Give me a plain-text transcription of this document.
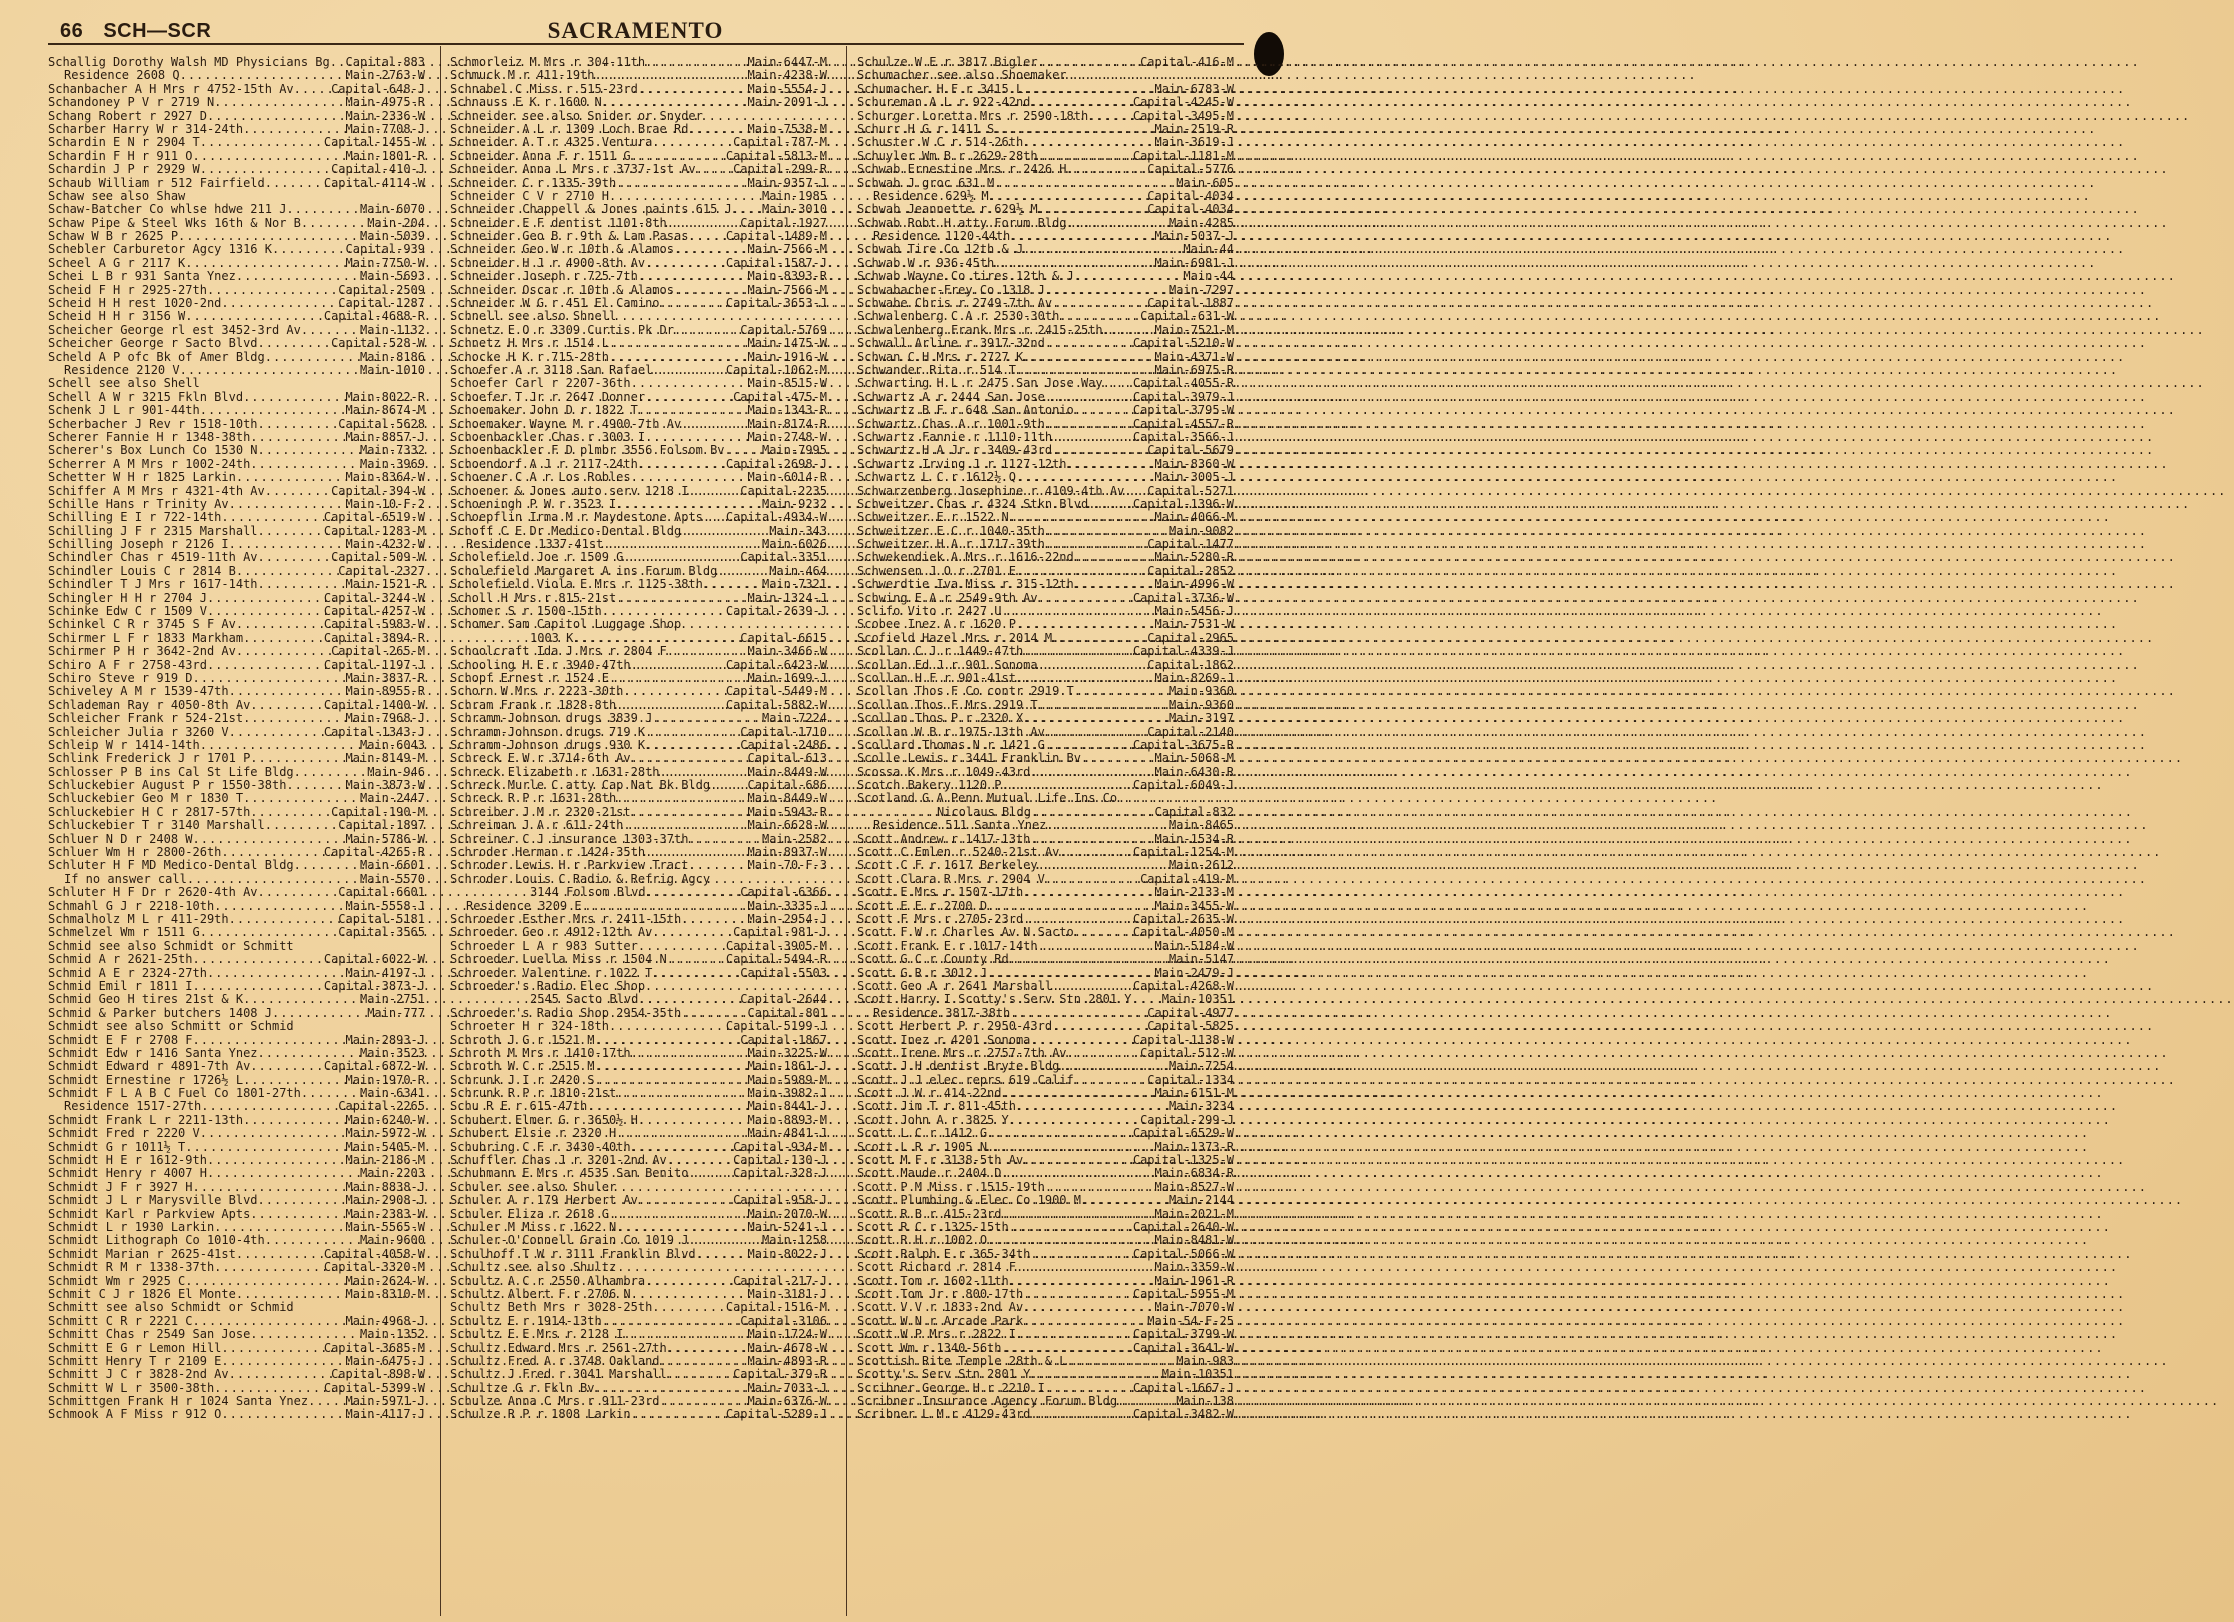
66 SCH—SCR	SACRAMENTO
Schallig Dorothy Walsh MD Physicians Bg ..... Capital-883
Residence 2608 Q .....	Main-2763-W
Schanbacher A H Mrs r 4752-15th Av .....	Capital-648-J
Schandoney P V r 2719 N .....	Main-4975-R
Schang Robert r 2927 D .....	Main-2336-W
Scharber Harry W r 314-24th .....	Main-7708-J
Schardin E N r 2904 T .....	Capital-1455-W
Schardin F H r 911 O .....	Main-1801-R
Schardin J P r 2929 W .....	Capital-410-J
Schaub William r 512 Fairfield .....	Capital-4114-W
Schaw see also Shaw
Schaw-Batcher Co whlse hdwe 211 J .....	Main-6070
Schaw Pipe & Steel Wks 16th & Nor B .....	Main-204
Schaw W B r 2625 P .....	Main-5039
Schebler Carburetor Agcy 1316 K .....	Capital-939
Scheel A G r 2117 K .....	Main-7750-W
Schei L B r 931 Santa Ynez .....	Main-5693
Scheid F H r 2925-27th .....	Capital-2509
Scheid H H rest 1020-2nd .....	Capital-1287
Scheid H H r 3156 W .....	Capital-4688-R
Scheicher George rl est 3452-3rd Av .....	Main-1132
Scheicher George r Sacto Blvd .....	Capital-528-W
Scheld A P ofc Bk of Amer Bldg .....	Main-8186
Residence 2120 V .....	Main-1010
Schell see also Shell
Schell A W r 3215 Fkln Blvd .....	Main-8022-R
Schenk J L r 901-44th .....	Main-8674-M
Scherbacher J Rev r 1518-10th .....	Capital-5628
Scherer Fannie H r 1348-38th .....	Main-8857-J
Scherer's Box Lunch Co 1530 N .....	Main-7332
Scherrer A M Mrs r 1002-24th .....	Main-3969
Schetter W H r 1825 Larkin .....	Main-8364-W
Schiffer A M Mrs r 4321-4th Av .....	Capital-394-W
Schille Hans r Trinity Av .....	Main-10-F-2
Schilling E I r 722-14th .....	Capital-6519-W
Schilling J F r 2315 Marshall .....	Capital-1283-M
Schilling Joseph r 2126 I .....	Main-4232-W
Schindler Chas r 4519-11th Av .....	Capital-509-W
Schindler Louis C r 2814 B .....	Capital-2327
Schindler T J Mrs r 1617-14th .....	Main-1521-R
Schingler H H r 2704 J .....	Capital-3244-W
Schinke Edw C r 1509 V .....	Capital-4257-W
Schinkel C R r 3745 S F Av .....	Capital-5983-W
Schirmer L F r 1833 Markham .....	Capital-3894-R
Schirmer P H r 3642-2nd Av .....	Capital-265-M
Schiro A F r 2758-43rd .....	Capital-1197-J
Schiro Steve r 919 D .....	Main-3837-R
Schiveley A M r 1539-47th .....	Main-8955-R
Schlademan Ray r 4050-8th Av .....	Capital-1400-W
Schleicher Frank r 524-21st .....	Main-7968-J
Schleicher Julia r 3260 V .....	Capital-1343-J
Schleip W r 1414-14th .....	Main-6043
Schlink Frederick J r 1701 P .....	Main-8149-M
Schlosser P B ins Cal St Life Bldg .....	Main-946
Schluckebier August P r 1550-38th .....	Main-3873-W
Schluckebier Geo M r 1830 T .....	Main-2447
Schluckebier H C r 2817-57th .....	Capital-190-M
Schluckebier T r 3140 Marshall .....	Capital-1897
Schluer N D r 2408 W .....	Main-5786-W
Schluer Wm H r 2800-26th .....	Capital-4265-R
Schluter H F MD Medico-Dental Bldg .....	Main-6601
If no answer call .....	Main-5570
Schluter H F Dr r 2620-4th Av .....	Capital-6601
Schmahl G J r 2218-10th .....	Main-5558-J
Schmalholz M L r 411-29th .....	Capital-5181
Schmelzel Wm r 1511 G .....	Capital-3565
Schmid see also Schmidt or Schmitt
Schmid A r 2621-25th .....	Capital-6022-W
Schmid A E r 2324-27th .....	Main-4197-J
Schmid Emil r 1811 I .....	Capital-3873-J
Schmid Geo H tires 21st & K .....	Main-2751
Schmid & Parker butchers 1408 J .....	Main-777
Schmidt see also Schmitt or Schmid
Schmidt E F r 2708 F .....	Main-2893-J
Schmidt Edw r 1416 Santa Ynez .....	Main-3523
Schmidt Edward r 4891-7th Av .....	Capital-6872-W
Schmidt Ernestine r 1726½ L .....	Main-1970-R
Schmidt F L A B C Fuel Co 1801-27th .....	Main-6341
Residence 1517-27th .....	Capital-2265
Schmidt Frank L r 2211-13th .....	Main-6240-W
Schmidt Fred r 2220 V .....	Main-5972-W
Schmidt G r 1011½ T .....	Main-5405-M
Schmidt H E r 1612-9th .....	Main-2186-M
Schmidt Henry r 4007 H .....	Main-2203
Schmidt J F r 3927 H .....	Main-8838-J
Schmidt J L r Marysville Blvd .....	Main-2908-J
Schmidt Karl r Parkview Apts .....	Main-2383-W
Schmidt L r 1930 Larkin .....	Main-5565-W
Schmidt Lithograph Co 1010-4th .....	Main-9600
Schmidt Marian r 2625-41st .....	Capital-4058-W
Schmidt R M r 1338-37th .....	Capital-3320-M
Schmidt Wm r 2925 C .....	Main-2624-W
Schmit C J r 1826 El Monte .....	Main-8310-M
Schmitt see also Schmidt or Schmid
Schmitt C R r 2221 C .....	Main-4968-J
Schmitt Chas r 2549 San Jose .....	Main-1352
Schmitt E G r Lemon Hill .....	Capital-3685-M
Schmitt Henry T r 2109 E .....	Main-6475-J
Schmitt J C r 3828-2nd Av .....	Capital-898-W
Schmitt W L r 3500-38th .....	Capital-5399-W
Schmittgen Frank H r 1024 Santa Ynez .....	Main-5971-J
Schmook A F Miss r 912 O .....	Main-4117-J
Schmorleiz M Mrs r 304-11th .....	Main-6447-M
Schmuck M r 411-19th .....	Main-4238-W
Schnabel C Miss r 515-23rd .....	Main-5554-J
Schnauss E K r 1600 N .....	Main-2091-J
Schneider see also Snider or Snyder
Schneider A L r 1309 Loch Brae Rd .....	Main-7538-M
Schneider A T r 4325 Ventura .....	Capital-787-M
Schneider Anna F r 1511 G .....	Capital-5813-M
Schneider Anna L Mrs r 3737-1st Av .....	Capital-299-R
Schneider C r 1335-39th .....	Main-9357-J
Schneider C V r 2710 H .....	Main-1985
Schneider Chappell & Jones paints 615 J .....	Main-3010
Schneider E F dentist 1101-8th .....	Capital-1927
Schneider Geo B r 9th & Lam Pasas .....	Capital-1489-M
Schneider Geo W r 10th & Alamos .....	Main-7566-M
Schneider H J r 4900-8th Av .....	Capital-1587-J
Schneider Joseph r 725-7th .....	Main-8393-R
Schneider Oscar r 10th & Alamos .....	Main-7566-M
Schneider W G r 451 El Camino .....	Capital-3653-J
Schnell see also Shnell
Schnetz E O r 3309 Curtis Pk Dr .....	Capital-5769
Schnetz H Mrs r 1514 L .....	Main-1475-W
Schocke H K r 715-28th .....	Main-1916-W
Schoefer A r 3118 San Rafael .....	Capital-1062-M
Schoefer Carl r 2207-36th .....	Main-8515-W
Schoefer T Jr r 2647 Donner .....	Capital-475-M
Schoemaker John D r 1822 T .....	Main-1343-R
Schoemaker Wayne M r 4900-7th Av .....	Main-8174-R
Schoenbackler Chas r 3003 I .....	Main-2748-W
Schoenbackler F D plmbr 3556 Folsom Bv .....	Main-7995
Schoendorf A J r 2117-24th .....	Capital-2698-J
Schoener C A r Los Robles .....	Main-6014-R
Schoener & Jones auto serv 1218 I .....	Capital-2235
Schoeningh P W r 3523 I .....	Main-9232
Schoepflin Irma M r Maydestone Apts ..... Capital-4934-W
Schoff C E Dr Medico-Dental Bldg .....	Main-343
Residence 1337-41st .....	Main-6026
Scholefield Joe r 1509 G .....	Capital-3351
Scholefield Margaret A ins Forum Bldg .....	Main-464
Scholefield Viola E Mrs r 1125-38th .....	Main-7321
Scholl H Mrs r 815-21st .....	Main-1324-J
Schomer S r 1500-15th .....	Capital-2639-J
Schomer Sam Capitol Luggage Shop
1003 K .....	Capital-6615
Schoolcraft Ida J Mrs r 2804 F .....	Main-3466-W
Schooling H E r 3940-47th .....	Capital-6423-W
Schopf Ernest r 1524 E .....	Main-1699-J
Schorn W Mrs r 2223-30th .....	Capital-5449-M
Schram Frank r 1828-8th .....	Capital-5882-W
Schramm-Johnson drugs 3839 J .....	Main-7224
Schramm-Johnson drugs 719 K .....	Capital-1710
Schramm-Johnson drugs 930 K .....	Capital-2486
Schreck E W r 3714-6th Av .....	Capital-613
Schreck Elizabeth r 1631-28th .....	Main-8449-W
Schreck Murle C atty Cap Nat Bk Bldg .....	Capital-686
Schreck R P r 1631-28th .....	Main-8449-W
Schreiber J M r 2320-21st .....	Main-5943-R
Schreiman J A r 611-24th .....	Main-6628-W
Schreiner C J insurance 1303-37th .....	Main-2582
Schroder Herman r 1424-35th .....	Main-8937-W
Schroder Lewis H r Parkview Tract .....	Main-70-F-3
Schroder Louis C Radio & Refrig Agcy
3144 Folsom Blvd .....	Capital-6366
Residence 3209 E .....	Main-3335-J
Schroeder Esther Mrs r 2411-15th .....	Main-2954-J
Schroeder Geo r 4912-12th Av .....	Capital-981-J
Schroeder L A r 983 Sutter .....	Capital-3905-M
Schroeder Luella Miss r 1504 N .....	Capital-5494-R
Schroeder Valentine r 1022 T .....	Capital-5503
Schroeder's Radio Elec Shop
2545 Sacto Blvd .....	Capital-2644
Schroeder's Radio Shop 2954-35th .....	Capital-801
Schroeter H r 324-18th .....	Capital-5199-J
Schroth J G r 1521 M .....	Capital-1867
Schroth M Mrs r 1410-17th .....	Main-3225-W
Schroth W C r 2515 M .....	Main-1861-J
Schrunk J I r 2420 S .....	Main-5989-M
Schrunk R P r 1810-21st .....	Main-3982-J
Schu R E r 615-47th .....	Main-8441-J
Schubert Elmer G r 3650½ H .....	Main-8893-M
Schubert Elsie r 2320 H .....	Main-4841-J
Schubring C F r 3430-40th .....	Capital-934-M
Schuffler Chas J r 3201-2nd Av .....	Capital-130-J
Schuhmann E Mrs r 4535 San Benito .....	Capital-328-J
Schuler see also Shuler
Schuler A r 179 Herbert Av .....	Capital-958-J
Schuler Eliza r 2618 G .....	Main-2070-W
Schuler M Miss r 1622 N .....	Main-5241-J
Schuler-O'Connell Grain Co 1019 J .....	Main-1258
Schulhoff T W r 3111 Franklin Blvd .....	Main-8022-J
Schultz see also Shultz
Schultz A C r 2550 Alhambra .....	Capital-217-J
Schultz Albert F r 2706 N .....	Main-3181-J
Schultz Beth Mrs r 3028-25th .....	Capital-1516-M
Schultz E r 1914-13th .....	Capital-3106
Schultz E E Mrs r 2128 I .....	Main-1724-W
Schultz Edward Mrs r 2561-27th .....	Main-4678-W
Schultz Fred A r 3748 Oakland .....	Main-4893-R
Schultz J Fred r 3041 Marshall .....	Capital-379-R
Schultze G r Fkln Bv .....	Main-7033-J
Schulze Anna C Mrs r 911-23rd .....	Main-6376-W
Schulze R P r 1808 Larkin .....	Capital-5289-J
Schulze W E r 3817 Bigler .....	Capital-416-M
Schumacher see also Shoemaker
Schumacher H F r 3415 L .....	Main-6783-W
Schureman A L r 922-42nd .....	Capital-4245-W
Schurger Loretta Mrs r 2590-18th .....	Capital-3495-M
Schurr H G r 1411 S .....	Main-2519-R
Schuster W C r 514-26th .....	Main-3619-J
Schuyler Wm B r 2629-28th .....	Capital-1181-M
Schwab Ernestine Mrs r 2426 H .....	Capital-5776
Schwab J groc 631 M .....	Main-605
Residence 629½ M .....	Capital-4034
Schwab Jeannette r 629½ M .....	Capital-4034
Schwab Robt H atty Forum Bldg .....	Main-4285
Residence 1120-44th .....	Main-5037-J
Schwab Tire Co 12th & J .....	Main-44
Schwab W r 936-45th .....	Main-6981-J
Schwab Wayne Co tires 12th & J .....	Main-44
Schwabacher-Frey Co 1318 J .....	Main-7297
Schwabe Chris r 2749-7th Av .....	Capital-1887
Schwalenberg C A r 2530-30th .....	Capital-631-W
Schwalenberg Frank Mrs r 2415-25th .....	Main-7521-M
Schwall Arline r 3917-32nd .....	Capital-5210-W
Schwan C H Mrs r 2727 K .....	Main-4371-W
Schwander Rita r 514 T .....	Main-6975-R
Schwarting H L r 2475 San Jose Way .....	Capital-4055-R
Schwartz A r 2444 San Jose .....	Capital-3979-J
Schwartz B F r 648 San Antonio .....	Capital-3795-W
Schwartz Chas A r 1001-9th .....	Capital-4557-R
Schwartz Fannie r 1110-11th .....	Capital-3566-J
Schwartz H A Jr r 3409-43rd .....	Capital-5679
Schwartz Irving J r 1127-12th .....	Main-8360-W
Schwartz L C r 1612½ Q .....	Main-3005-J
Schwarzenberg Josephine r 4109-4th Av ..... Capital-5271
Schweitzer Chas r 4324 Stkn Blvd .....	Capital-1396-W
Schweitzer E r 1522 N .....	Main-4066-M
Schweitzer E C r 1040-35th .....	Main-9082
Schweitzer H A r 1717-39th .....	Capital-1477
Schwekendiek A Mrs r 1616-22nd .....	Main-5280-R
Schwensen J O r 2701 E .....	Capital-2852
Schwerdtie Iva Miss r 315-12th .....	Main-4996-W
Schwing E A r 2549-9th Av .....	Capital-3736-W
Sclifo Vito r 2427 U .....	Main-5456-J
Scobee Inez A r 1620 P .....	Main-7531-W
Scofield Hazel Mrs r 2014 M .....	Capital-2965
Scollan C J r 1449-47th .....	Capital-4339-J
Scollan Ed J r 901 Sonoma .....	Capital-1862
Scollan H F r 901-41st .....	Main-8269-J
Scollan Thos F Co contr 2919 T .....	Main-9360
Scollan Thos F Mrs 2919 T .....	Main-9360
Scollan Thos P r 2320 X .....	Main-3197
Scollan W B r 1975-13th Av .....	Capital-2140
Scollard Thomas N r 1421 G .....	Capital-3675-R
Scolle Lewis r 3441 Franklin Bv .....	Main-5068-M
Scossa K Mrs r 1049-43rd .....	Main-6430-R
Scotch Bakery 1120 P .....	Capital-6049-J
Scotland G A Penn Mutual Life Ins Co
Nicolaus Bldg .....	Capital-832
Residence 511 Santa Ynez .....	Main-8465
Scott Andrew r 1417-13th .....	Main-1534-R
Scott C Emlen r 5240-21st Av .....	Capital-1254-M
Scott C F r 1617 Berkeley .....	Main-2612
Scott Clara R Mrs r 2904 V .....	Capital-419-M
Scott E Mrs r 1507-17th .....	Main-2133-M
Scott E E r 2700 D .....	Main-3455-W
Scott F Mrs r 2705-23rd .....	Capital-2635-W
Scott F W r Charles Av N Sacto .....	Capital-4050-M
Scott Frank E r 1017-14th .....	Main-5184-W
Scott G C r County Rd .....	Main-5147
Scott G R r 3012 J .....	Main-2479-J
Scott Geo A r 2641 Marshall .....	Capital-4268-W
Scott Harry I Scotty's Serv Stn 2801 Y .....	Main-10351
Residence 3817-38th .....	Capital-4977
Scott Herbert P r 2950-43rd .....	Capital-5825
Scott Inez r 4201 Sonoma .....	Capital-1138-W
Scott Irene Mrs r 2757-7th Av .....	Capital-512-W
Scott J H dentist Bryte Bldg .....	Main-7254
Scott J J elec reprs 619 Calif .....	Capital-1334
Scott J W r 414-22nd .....	Main-6151-M
Scott Jim T r 811-45th .....	Main-3234
Scott John A r 3825 Y .....	Capital-299-J
Scott L C r 1412 G .....	Capital-6529-W
Scott L R r 1905 N .....	Main-1373-R
Scott M F r 3138-5th Av .....	Capital-1325-W
Scott Maude r 2404 D .....	Main-6834-R
Scott P M Miss r 1515-19th .....	Main-8527-W
Scott Plumbing & Elec Co 1900 M .....	Main-2144
Scott R B r 415-23rd .....	Main-2021-M
Scott R C r 1325-15th .....	Capital-2640-W
Scott R H r 1002 O .....	Main-8481-W
Scott Ralph E r 365-34th .....	Capital-5066-W
Scott Richard r 2814 F .....	Main-3359-W
Scott Tom r 1602-11th .....	Main-1961-R
Scott Tom Jr r 800-17th .....	Capital-5955-M
Scott V V r 1833-2nd Av .....	Main-7070-W
Scott W N r Arcade Park .....	Main-54-F-25
Scott W P Mrs r 2822 I .....	Capital-3799-W
Scott Wm r 1340-56th .....	Capital-3641-W
Scottish Rite Temple 28th & L .....	Main-983
Scotty's Serv Stn 2801 Y .....	Main-10351
Scribner George H r 2210 I .....	Capital-1667-J
Scribner Insurance Agency Forum Bldg .....	Main-138
Scribner L M r 4129-43rd .....	Capital-3482-W
